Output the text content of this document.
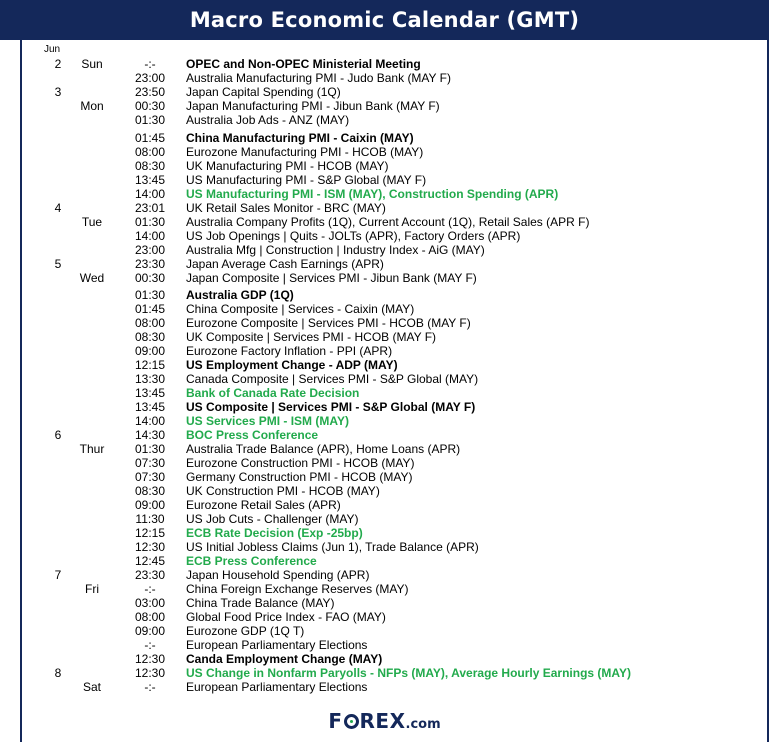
Macro Economic Calendar (GMT)
Jun
2	Sun	-:-	OPEC and Non-OPEC Ministerial Meeting
23:00	Australia Manufacturing PMI - Judo Bank (MAY F)
3	23:50	Japan Capital Spending (1Q)
Mon	00:30	Japan Manufacturing PMI - Jibun Bank (MAY F)
01:30	Australia Job Ads - ANZ (MAY)
01:45	China Manufacturing PMI - Caixin (MAY)
08:00	Eurozone Manufacturing PMI - HCOB (MAY)
08:30	UK Manufacturing PMI - HCOB (MAY)
13:45	US Manufacturing PMI - S&P Global (MAY F)
14:00	US Manufacturing PMI - ISM (MAY), Construction Spending (APR)
4	23:01	UK Retail Sales Monitor - BRC (MAY)
Tue	01:30	Australia Company Profits (1Q), Current Account (1Q), Retail Sales (APR F)
14:00	US Job Openings | Quits - JOLTs (APR), Factory Orders (APR)
23:00	Australia Mfg | Construction | Industry Index - AiG (MAY)
5	23:30	Japan Average Cash Earnings (APR)
Wed	00:30	Japan Composite | Services PMI - Jibun Bank (MAY F)
01:30	Australia GDP (1Q)
01:45	China Composite | Services - Caixin (MAY)
08:00	Eurozone Composite | Services PMI - HCOB (MAY F)
08:30	UK Composite | Services PMI - HCOB (MAY F)
09:00	Eurozone Factory Inflation - PPI (APR)
12:15	US Employment Change - ADP (MAY)
13:30	Canada Composite | Services PMI - S&P Global (MAY)
13:45	Bank of Canada Rate Decision
13:45	US Composite | Services PMI - S&P Global (MAY F)
14:00	US Services PMI - ISM (MAY)
6	14:30	BOC Press Conference
Thur	01:30	Australia Trade Balance (APR), Home Loans (APR)
07:30	Eurozone Construction PMI - HCOB (MAY)
07:30	Germany Construction PMI - HCOB (MAY)
08:30	UK Construction PMI - HCOB (MAY)
09:00	Eurozone Retail Sales (APR)
11:30	US Job Cuts - Challenger (MAY)
12:15	ECB Rate Decision (Exp -25bp)
12:30	US Initial Jobless Claims (Jun 1), Trade Balance (APR)
12:45	ECB Press Conference
7	23:30	Japan Household Spending (APR)
Fri	-:-	China Foreign Exchange Reserves (MAY)
03:00	China Trade Balance (MAY)
08:00	Global Food Price Index - FAO (MAY)
09:00	Eurozone GDP (1Q T)
-:-	European Parliamentary Elections
12:30	Canda Employment Change (MAY)
8	12:30	US Change in Nonfarm Paryolls - NFPs (MAY), Average Hourly Earnings (MAY)
Sat	-:-	European Parliamentary Elections
F REX.com
